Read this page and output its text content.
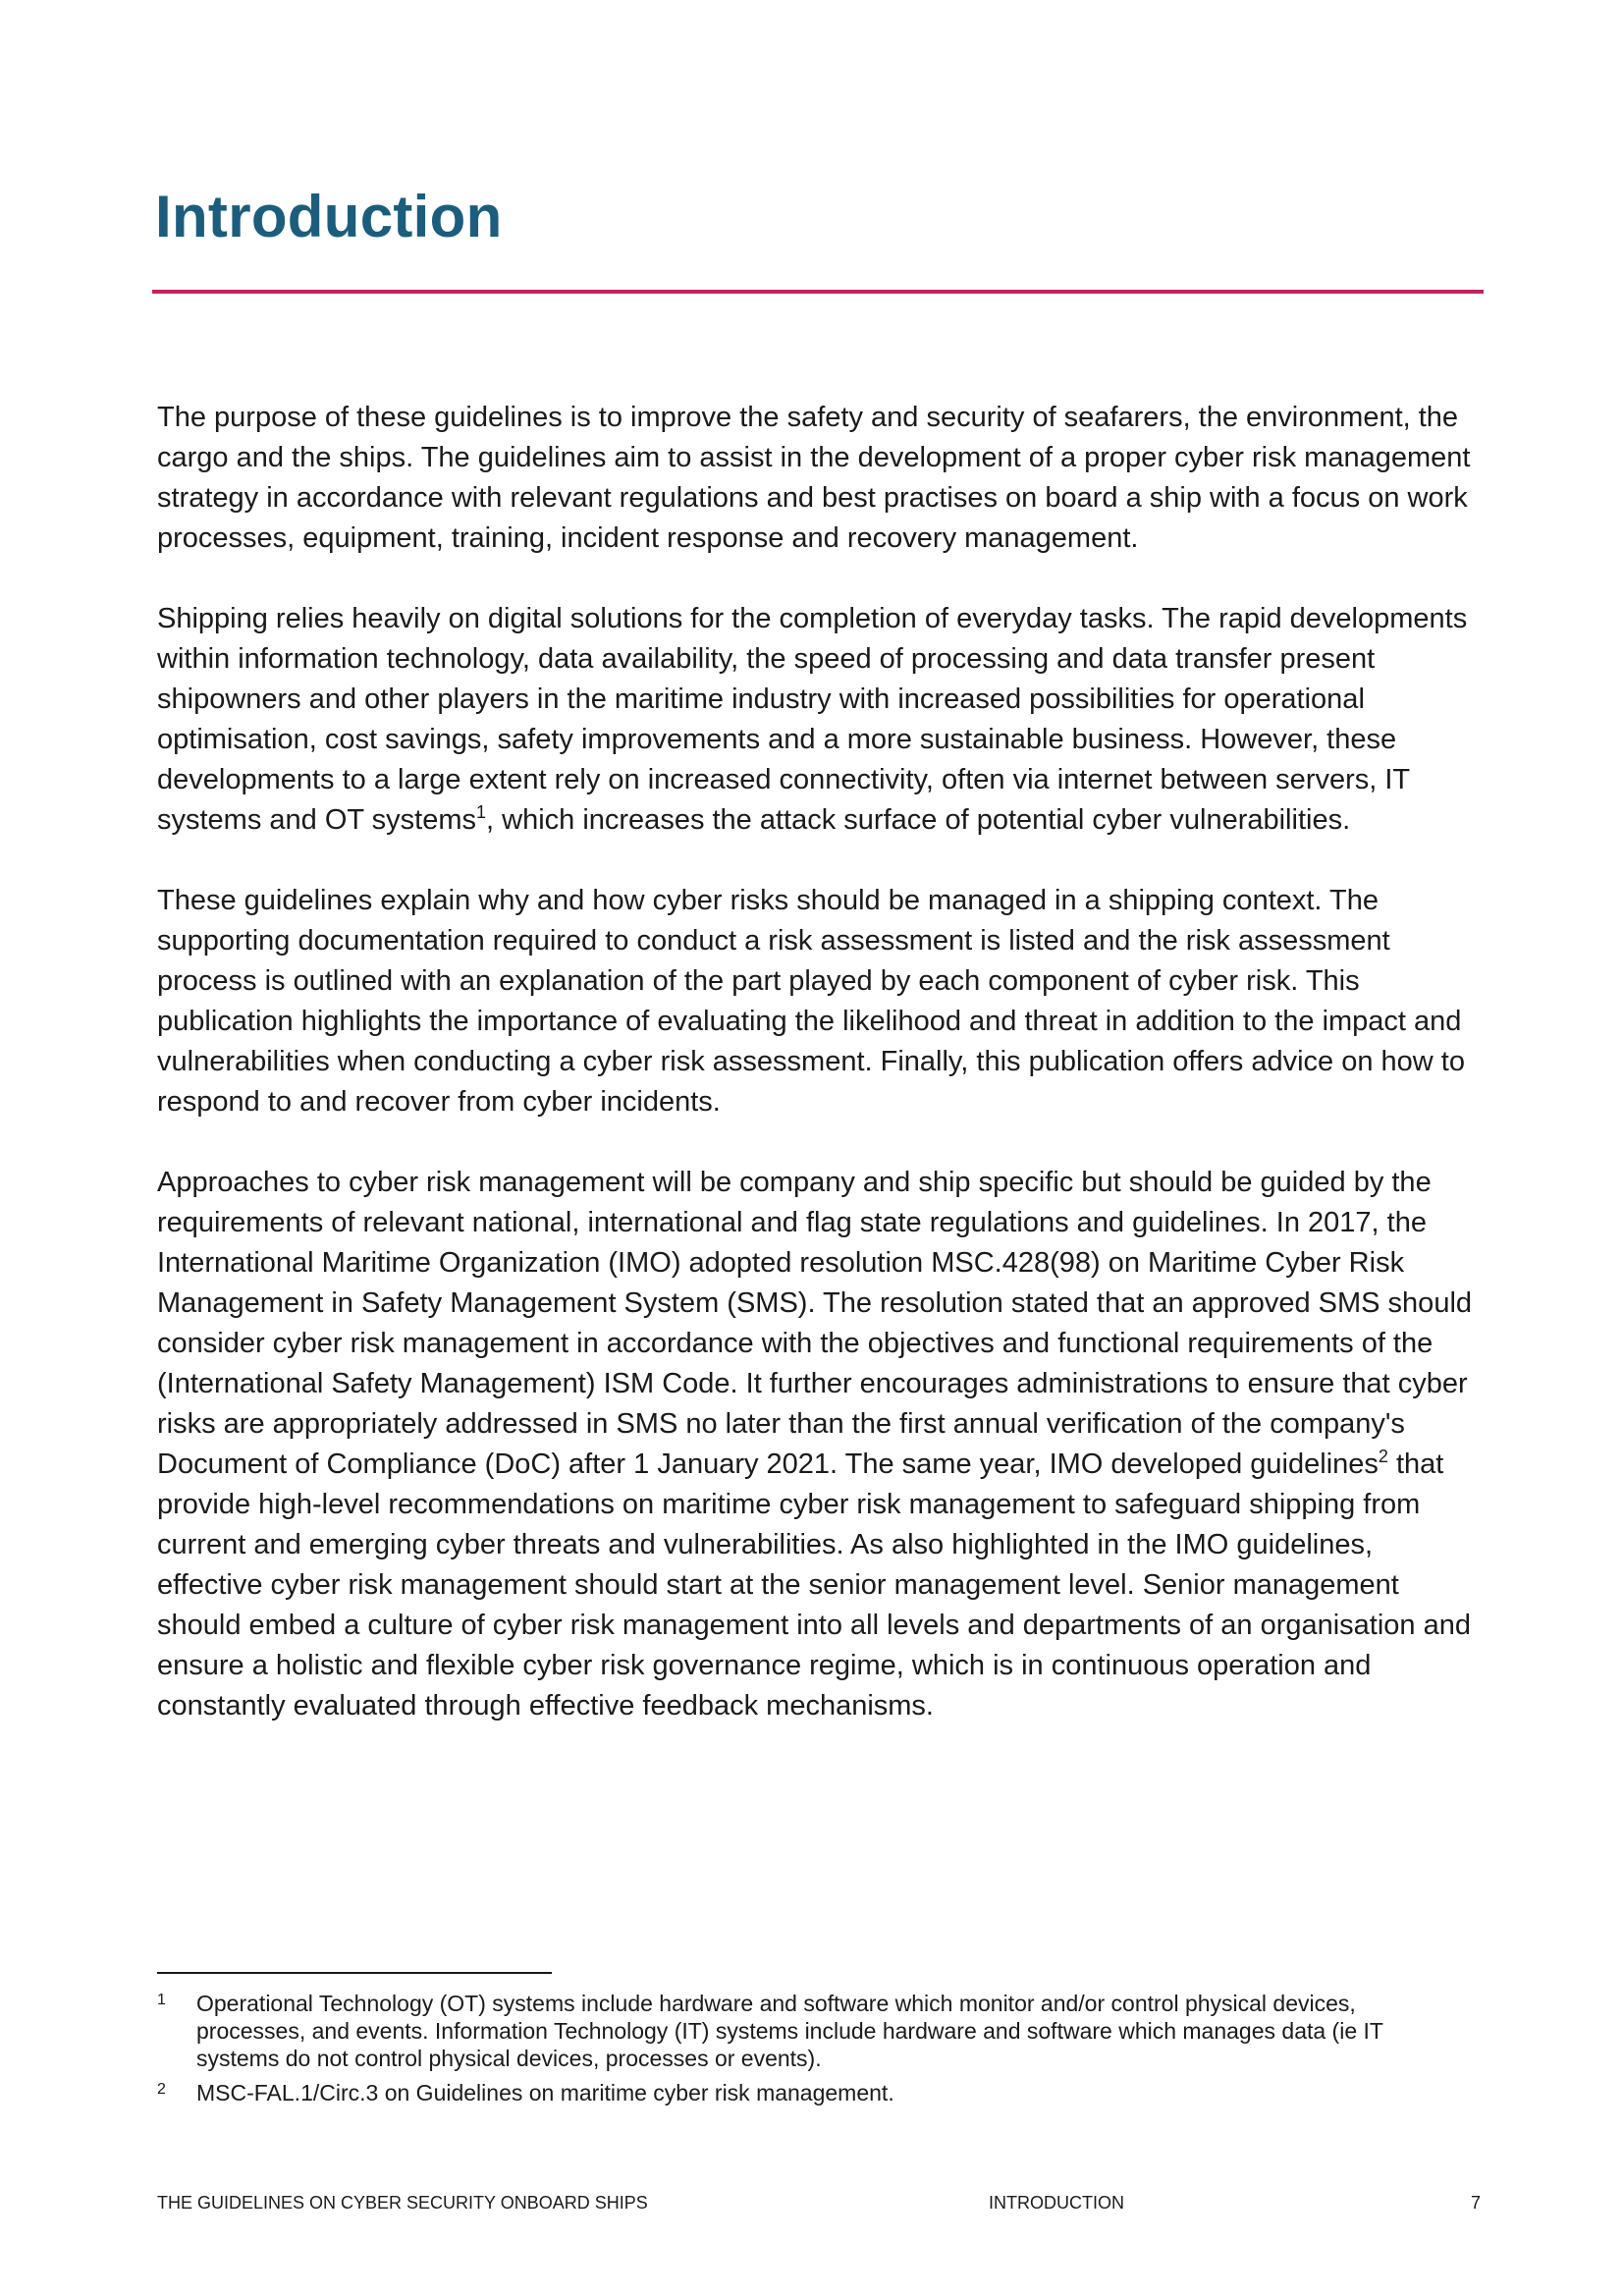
Introduction

The purpose of these guidelines is to improve the safety and security of seafarers, the environment, the cargo and the ships. The guidelines aim to assist in the development of a proper cyber risk management strategy in accordance with relevant regulations and best practises on board a ship with a focus on work processes, equipment, training, incident response and recovery management.

Shipping relies heavily on digital solutions for the completion of everyday tasks. The rapid developments within information technology, data availability, the speed of processing and data transfer present shipowners and other players in the maritime industry with increased possibilities for operational optimisation, cost savings, safety improvements and a more sustainable business. However, these developments to a large extent rely on increased connectivity, often via internet between servers, IT systems and OT systems$^1$, which increases the attack surface of potential cyber vulnerabilities.

These guidelines explain why and how cyber risks should be managed in a shipping context. The supporting documentation required to conduct a risk assessment is listed and the risk assessment process is outlined with an explanation of the part played by each component of cyber risk. This publication highlights the importance of evaluating the likelihood and threat in addition to the impact and vulnerabilities when conducting a cyber risk assessment. Finally, this publication offers advice on how to respond to and recover from cyber incidents.

Approaches to cyber risk management will be company and ship specific but should be guided by the requirements of relevant national, international and flag state regulations and guidelines. In 2017, the International Maritime Organization (IMO) adopted resolution MSC.428(98) on Maritime Cyber Risk Management in Safety Management System (SMS). The resolution stated that an approved SMS should consider cyber risk management in accordance with the objectives and functional requirements of the (International Safety Management) ISM Code. It further encourages administrations to ensure that cyber risks are appropriately addressed in SMS no later than the first annual verification of the company's Document of Compliance (DoC) after 1 January 2021. The same year, IMO developed guidelines$^2$ that provide high-level recommendations on maritime cyber risk management to safeguard shipping from current and emerging cyber threats and vulnerabilities. As also highlighted in the IMO guidelines, effective cyber risk management should start at the senior management level. Senior management should embed a culture of cyber risk management into all levels and departments of an organisation and ensure a holistic and flexible cyber risk governance regime, which is in continuous operation and constantly evaluated through effective feedback mechanisms.

1	Operational Technology (OT) systems include hardware and software which monitor and/or control physical devices, processes, and events. Information Technology (IT) systems include hardware and software which manages data (ie IT systems do not control physical devices, processes or events).
2	MSC-FAL.1/Circ.3 on Guidelines on maritime cyber risk management.
THE GUIDELINES ON CYBER SECURITY ONBOARD SHIPS	INTRODUCTION	7
